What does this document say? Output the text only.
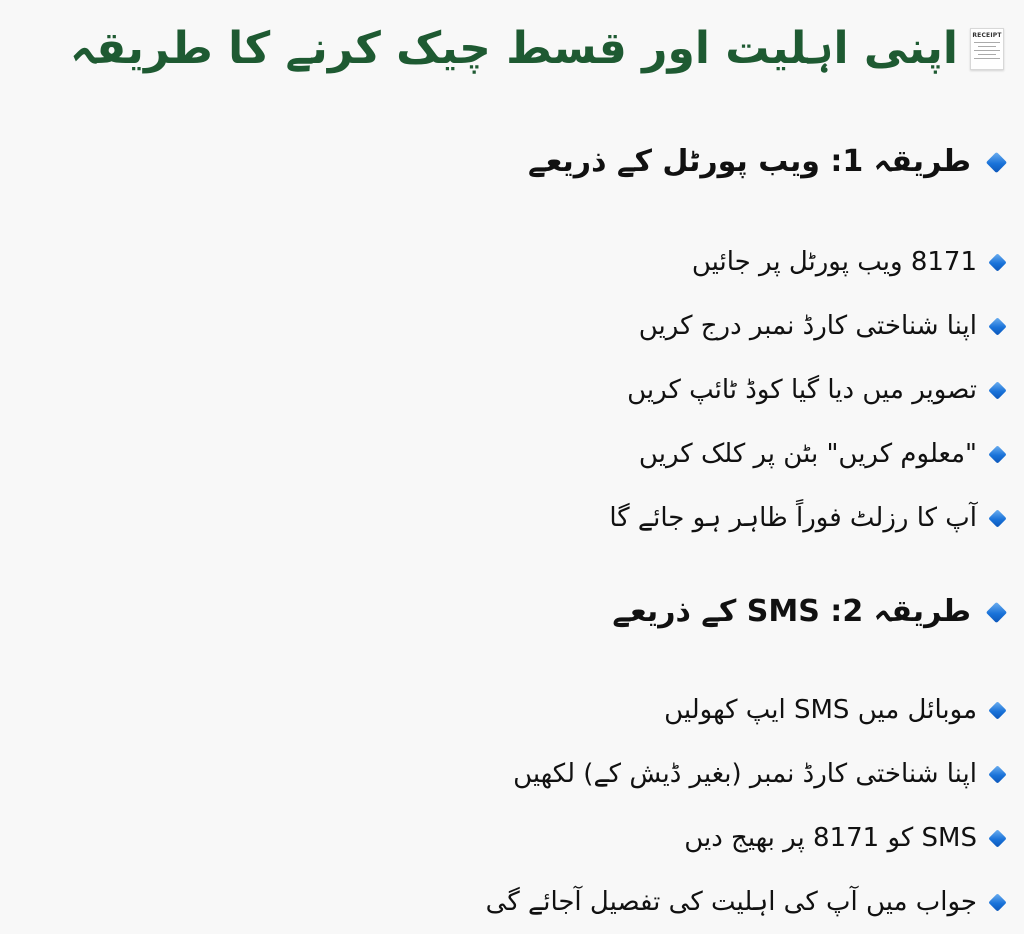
RECEIPT
اپنی اہلیت اور قسط چیک کرنے کا طریقہ
طریقہ 1: ویب پورٹل کے ذریعے
8171 ویب پورٹل پر جائیں
اپنا شناختی کارڈ نمبر درج کریں
تصویر میں دیا گیا کوڈ ٹائپ کریں
"معلوم کریں" بٹن پر کلک کریں
آپ کا رزلٹ فوراً ظاہر ہو جائے گا
طریقہ 2: SMS کے ذریعے
موبائل میں SMS ایپ کھولیں
اپنا شناختی کارڈ نمبر (بغیر ڈیش کے) لکھیں
SMS کو 8171 پر بھیج دیں
جواب میں آپ کی اہلیت کی تفصیل آجائے گی
